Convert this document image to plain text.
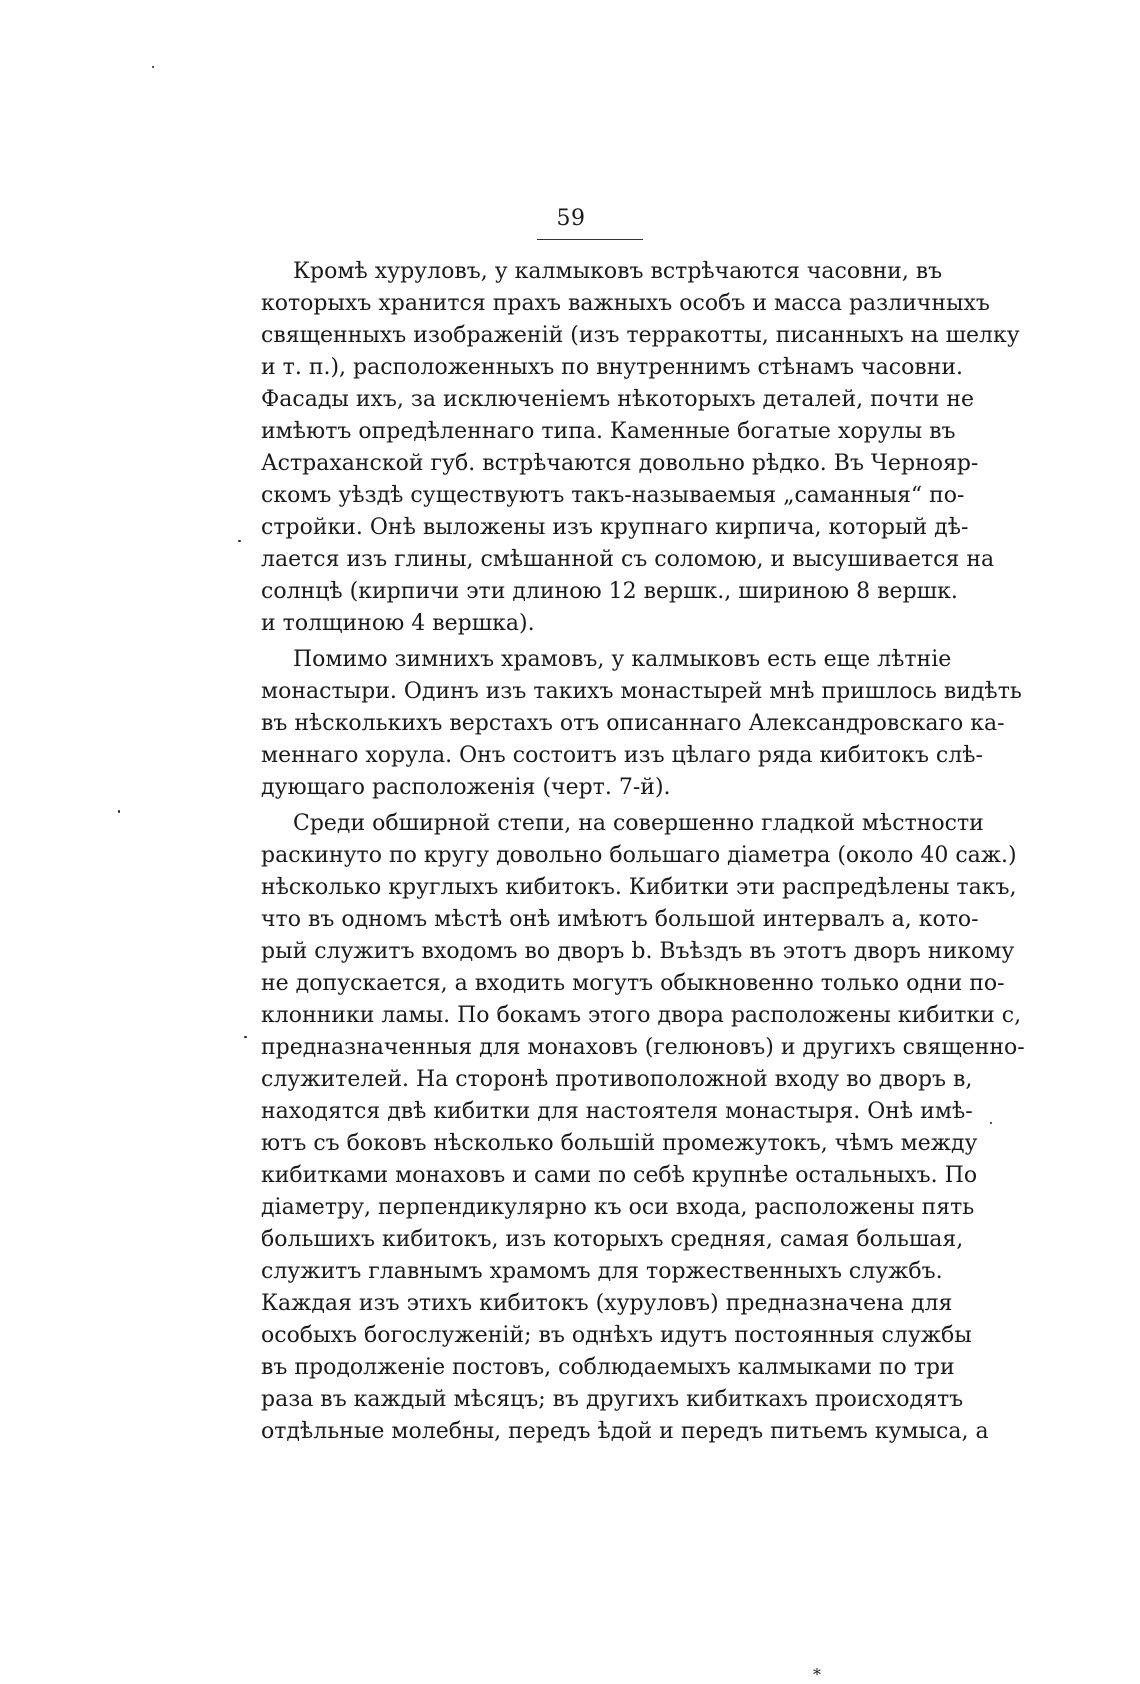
59
Кромѣ хуруловъ, у калмыковъ встрѣчаются часовни, въ
которыхъ хранится прахъ важныхъ особъ и масса различныхъ
священныхъ изображеній (изъ терракотты, писанныхъ на шелку
и т. п.), расположенныхъ по внутреннимъ стѣнамъ часовни.
Фасады ихъ, за исключеніемъ нѣкоторыхъ деталей, почти не
имѣютъ опредѣленнаго типа. Каменные богатые хорулы въ
Астраханской губ. встрѣчаются довольно рѣдко. Въ Чернояр-
скомъ уѣздѣ существуютъ такъ-называемыя „саманныя“ по-
стройки. Онѣ выложены изъ крупнаго кирпича, который дѣ-
лается изъ глины, смѣшанной съ соломою, и высушивается на
солнцѣ (кирпичи эти длиною 12 вершк., шириною 8 вершк.
и толщиною 4 вершка).
Помимо зимнихъ храмовъ, у калмыковъ есть еще лѣтніе
монастыри. Одинъ изъ такихъ монастырей мнѣ пришлось видѣть
въ нѣсколькихъ верстахъ отъ описаннаго Александровскаго ка-
меннаго хорула. Онъ состоитъ изъ цѣлаго ряда кибитокъ слѣ-
дующаго расположенія (черт. 7-й).
Среди обширной степи, на совершенно гладкой мѣстности
раскинуто по кругу довольно большаго діаметра (около 40 саж.)
нѣсколько круглыхъ кибитокъ. Кибитки эти распредѣлены такъ,
что въ одномъ мѣстѣ онѣ имѣютъ большой интервалъ a, кото-
рый служитъ входомъ во дворъ b. Въѣздъ въ этотъ дворъ никому
не допускается, а входить могутъ обыкновенно только одни по-
клонники ламы. По бокамъ этого двора расположены кибитки c,
предназначенныя для монаховъ (гелюновъ) и другихъ священно-
служителей. На сторонѣ противоположной входу во дворъ в,
находятся двѣ кибитки для настоятеля монастыря. Онѣ имѣ-
ютъ съ боковъ нѣсколько большій промежутокъ, чѣмъ между
кибитками монаховъ и сами по себѣ крупнѣе остальныхъ. По
діаметру, перпендикулярно къ оси входа, расположены пять
большихъ кибитокъ, изъ которыхъ средняя, самая большая,
служитъ главнымъ храмомъ для торжественныхъ службъ.
Каждая изъ этихъ кибитокъ (хуруловъ) предназначена для
особыхъ богослуженій; въ однѣхъ идутъ постоянныя службы
въ продолженіе постовъ, соблюдаемыхъ калмыками по три
раза въ каждый мѣсяцъ; въ другихъ кибиткахъ происходятъ
отдѣльные молебны, передъ ѣдой и передъ питьемъ кумыса, а
*
